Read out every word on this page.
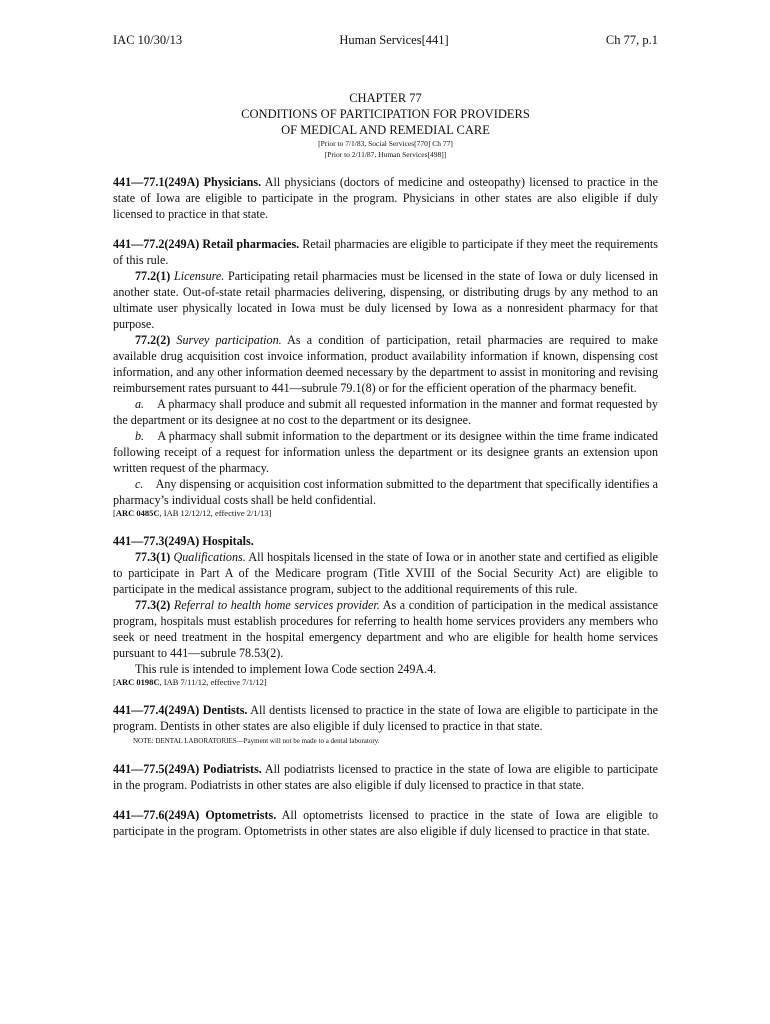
IAC 10/30/13	Human Services[441]	Ch 77, p.1
CHAPTER 77
CONDITIONS OF PARTICIPATION FOR PROVIDERS
OF MEDICAL AND REMEDIAL CARE
[Prior to 7/1/83, Social Services[770] Ch 77]
[Prior to 2/11/87, Human Services[498]]

441—77.1(249A) Physicians. All physicians (doctors of medicine and osteopathy) licensed to practice in the state of Iowa are eligible to participate in the program. Physicians in other states are also eligible if duly licensed to practice in that state.

441—77.2(249A) Retail pharmacies. Retail pharmacies are eligible to participate if they meet the requirements of this rule.

77.2(1) Licensure. Participating retail pharmacies must be licensed in the state of Iowa or duly licensed in another state. Out-of-state retail pharmacies delivering, dispensing, or distributing drugs by any method to an ultimate user physically located in Iowa must be duly licensed by Iowa as a nonresident pharmacy for that purpose.

77.2(2) Survey participation. As a condition of participation, retail pharmacies are required to make available drug acquisition cost invoice information, product availability information if known, dispensing cost information, and any other information deemed necessary by the department to assist in monitoring and revising reimbursement rates pursuant to 441—subrule 79.1(8) or for the efficient operation of the pharmacy benefit.

a. A pharmacy shall produce and submit all requested information in the manner and format requested by the department or its designee at no cost to the department or its designee.

b. A pharmacy shall submit information to the department or its designee within the time frame indicated following receipt of a request for information unless the department or its designee grants an extension upon written request of the pharmacy.

c. Any dispensing or acquisition cost information submitted to the department that specifically identifies a pharmacy’s individual costs shall be held confidential.

[ARC 0485C, IAB 12/12/12, effective 2/1/13]

441—77.3(249A) Hospitals.

77.3(1) Qualifications. All hospitals licensed in the state of Iowa or in another state and certified as eligible to participate in Part A of the Medicare program (Title XVIII of the Social Security Act) are eligible to participate in the medical assistance program, subject to the additional requirements of this rule.

77.3(2) Referral to health home services provider. As a condition of participation in the medical assistance program, hospitals must establish procedures for referring to health home services providers any members who seek or need treatment in the hospital emergency department and who are eligible for health home services pursuant to 441—subrule 78.53(2).

This rule is intended to implement Iowa Code section 249A.4.

[ARC 0198C, IAB 7/11/12, effective 7/1/12]

441—77.4(249A) Dentists. All dentists licensed to practice in the state of Iowa are eligible to participate in the program. Dentists in other states are also eligible if duly licensed to practice in that state.

NOTE: DENTAL LABORATORIES—Payment will not be made to a dental laboratory.

441—77.5(249A) Podiatrists. All podiatrists licensed to practice in the state of Iowa are eligible to participate in the program. Podiatrists in other states are also eligible if duly licensed to practice in that state.

441—77.6(249A) Optometrists. All optometrists licensed to practice in the state of Iowa are eligible to participate in the program. Optometrists in other states are also eligible if duly licensed to practice in that state.
